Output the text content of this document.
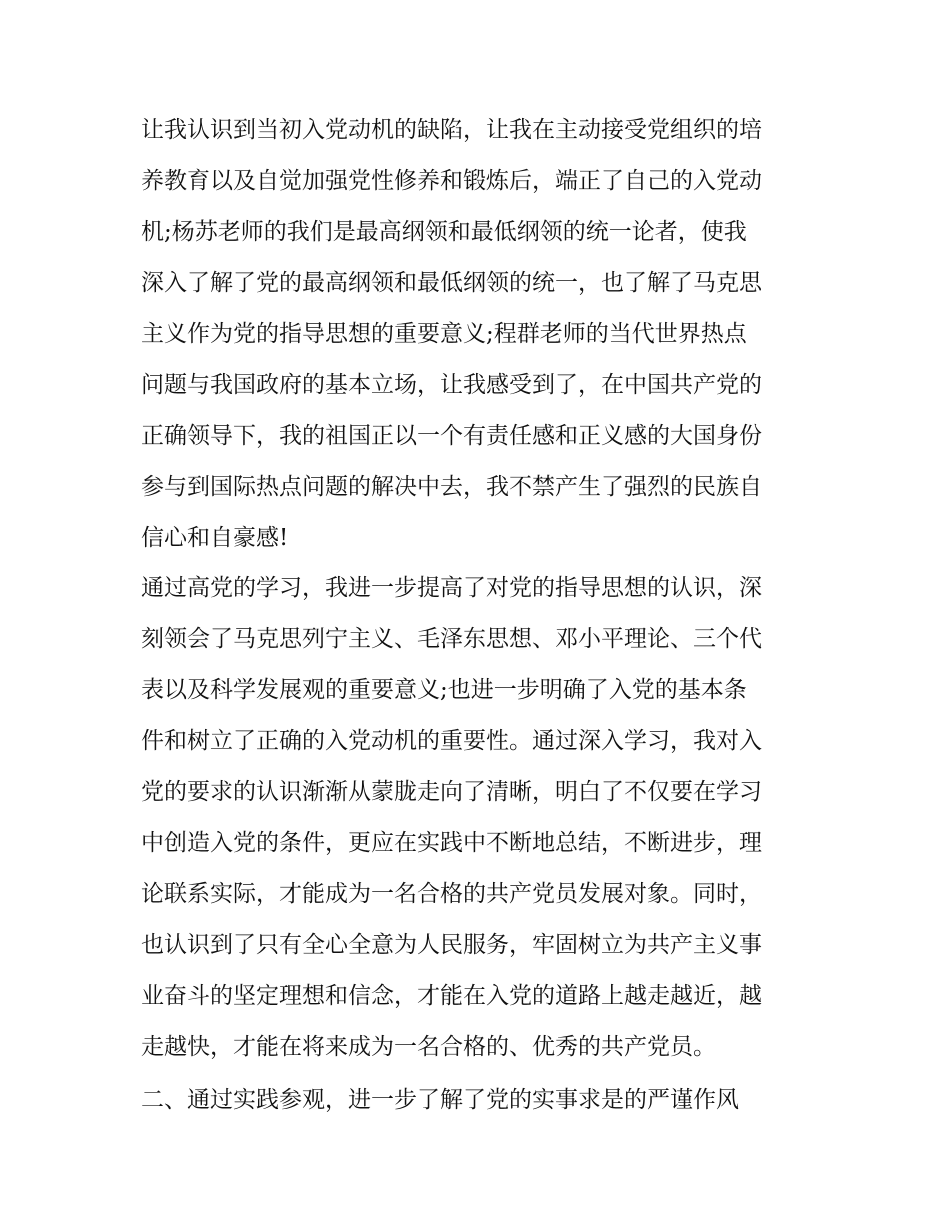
让我认识到当初入党动机的缺陷，让我在主动接受党组织的培
养教育以及自觉加强党性修养和锻炼后，端正了自己的入党动
机;杨苏老师的我们是最高纲领和最低纲领的统一论者，使我
深入了解了党的最高纲领和最低纲领的统一，也了解了马克思
主义作为党的指导思想的重要意义;程群老师的当代世界热点
问题与我国政府的基本立场，让我感受到了，在中国共产党的
正确领导下，我的祖国正以一个有责任感和正义感的大国身份
参与到国际热点问题的解决中去，我不禁产生了强烈的民族自
信心和自豪感!
通过高党的学习，我进一步提高了对党的指导思想的认识，深
刻领会了马克思列宁主义、毛泽东思想、邓小平理论、三个代
表以及科学发展观的重要意义;也进一步明确了入党的基本条
件和树立了正确的入党动机的重要性。通过深入学习，我对入
党的要求的认识渐渐从蒙胧走向了清晰，明白了不仅要在学习
中创造入党的条件，更应在实践中不断地总结，不断进步，理
论联系实际，才能成为一名合格的共产党员发展对象。同时，
也认识到了只有全心全意为人民服务，牢固树立为共产主义事
业奋斗的坚定理想和信念，才能在入党的道路上越走越近，越
走越快，才能在将来成为一名合格的、优秀的共产党员。
二、通过实践参观，进一步了解了党的实事求是的严谨作风
